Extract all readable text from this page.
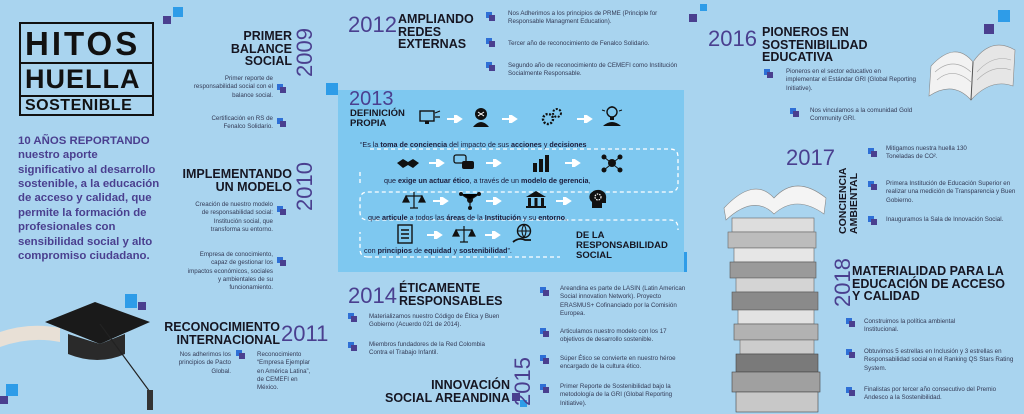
HITOS
HUELLA
SOSTENIBLE
10 AÑOS REPORTANDO nuestro aporte significativo al desarrollo sostenible, a la educación de acceso y calidad, que permite la formación de profesionales con sensibilidad social y alto compromiso ciudadano.
PRIMER
BALANCE
SOCIAL 2009
Primer reporte de responsabilidad social con el balance social.
Certificación en RS de Fenalco Solidario.
IMPLEMENTANDO
UN MODELO 2010
Creación de nuestro modelo de responsabilidad social: Institución social, que transforma su entorno.
Empresa de conocimiento, capaz de gestionar los impactos económicos, sociales y ambientales de su funcionamiento.
RECONOCIMIENTO
INTERNACIONAL 2011
Nos adherimos los principios de Pacto Global.
Reconocimiento “Empresa Ejemplar en América Latina”, de CEMEFI en México.
2012 AMPLIANDO
REDES
EXTERNAS
Nos Adherimos a los principios de PRME (Principle for Responsable Managment Education).
Tercer año de reconocimiento de Fenalco Solidario.
Segundo año de reconocimiento de CEMEFI como Institución Socialmente Responsable.
2013
DEFINICIÓN
PROPIA
“Es la toma de conciencia del impacto de sus acciones y decisiones
que exige un actuar ético, a través de un modelo de gerencia,
que articule a todos las áreas de la Institución y su entorno,
con principios de equidad y sostenibilidad”.
DE LA
RESPONSABILIDAD
SOCIAL
2014 ÉTICAMENTE
RESPONSABLES
Materializamos nuestro Código de Ética y Buen Gobierno (Acuerdo 021 de 2014).
Miembros fundadores de la Red Colombia Contra el Trabajo Infantil.
Areandina es parte de LASIN (Latin American Social innovation Network). Proyecto ERASMUS+ Cofinanciado por la Comisión Europea.
Articulamos nuestro modelo con los 17 objetivos de desarrollo sostenible.
Súper Ético se convierte en nuestro héroe encargado de la cultura ético.
Primer Reporte de Sostenibilidad bajo la metodología de la GRI (Global Reporting Initiative).
2015
INNOVACIÓN
SOCIAL AREANDINA
2016 PIONEROS EN
SOSTENIBILIDAD
EDUCATIVA
Pioneros en el sector educativo en implementar el Estándar GRI (Global Reporting Initiative).
Nos vinculamos a la comunidad Gold Community GRI.
2017
CONCIENCIA AMBIENTAL
Mitigamos nuestra huella 130 Toneladas de CO².
Primera Institución de Educación Superior en realizar una medición de Transparencia y Buen Gobierno.
Inauguramos la Sala de Innovación Social.
2018
MATERIALIDAD PARA LA
EDUCACIÓN DE ACCESO
Y CALIDAD
Construimos la política ambiental Institucional.
Obtuvimos 5 estrellas en Inclusión y 3 estrellas en Responsabilidad social en el Ranking QS Stars Rating System.
Finalistas por tercer año consecutivo del Premio Andesco a la Sostenibilidad.
